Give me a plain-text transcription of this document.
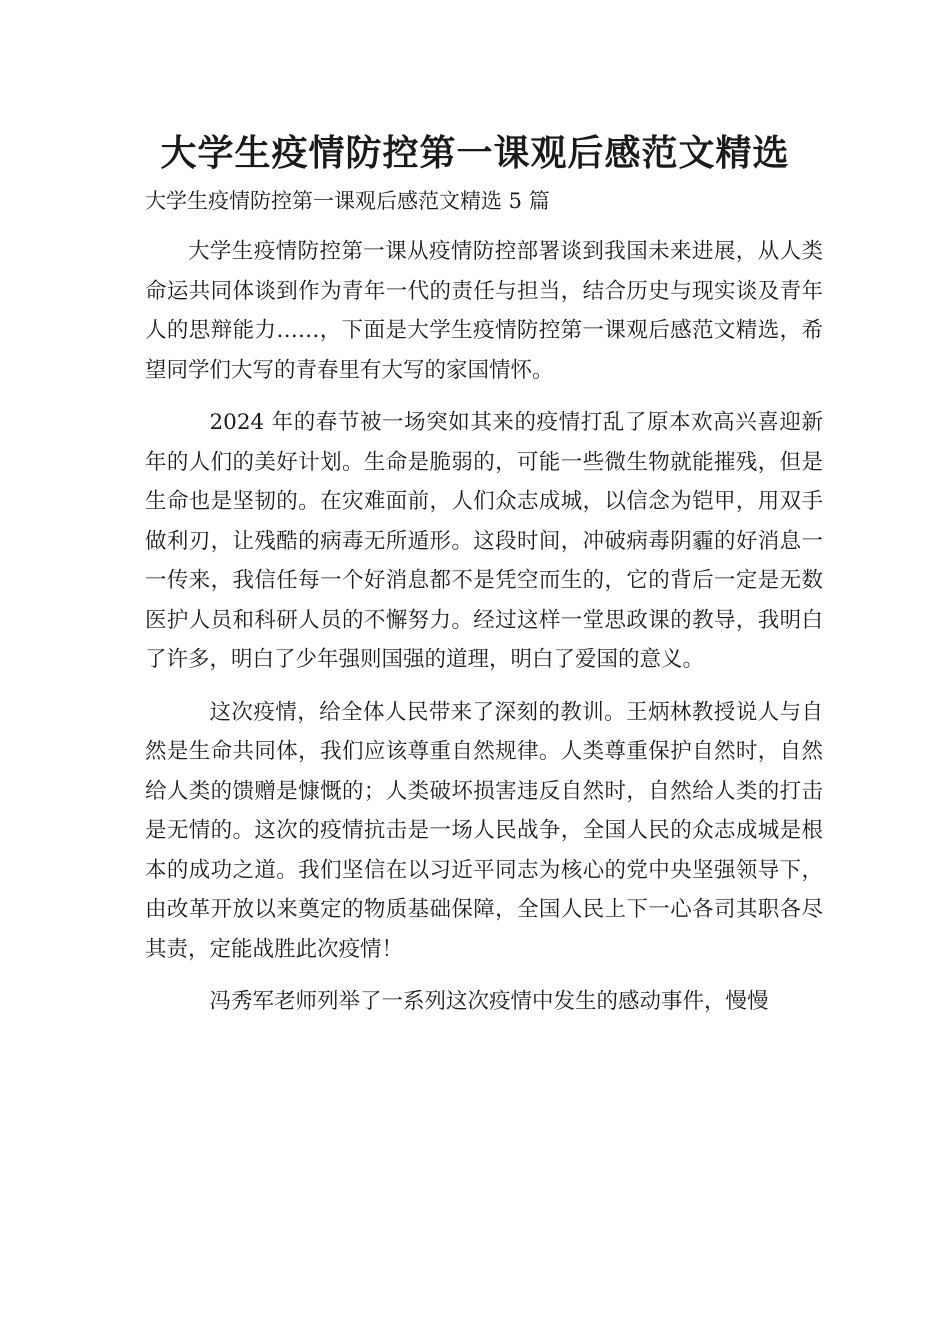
大学生疫情防控第一课观后感范文精选

大学生疫情防控第一课观后感范文精选 5 篇

大学生疫情防控第一课从疫情防控部署谈到我国未来进展，从人类命运共同体谈到作为青年一代的责任与担当，结合历史与现实谈及青年人的思辩能力……，下面是大学生疫情防控第一课观后感范文精选，希望同学们大写的青春里有大写的家国情怀。

2024 年的春节被一场突如其来的疫情打乱了原本欢高兴喜迎新年的人们的美好计划。生命是脆弱的，可能一些微生物就能摧残，但是生命也是坚韧的。在灾难面前，人们众志成城，以信念为铠甲，用双手做利刃，让残酷的病毒无所遁形。这段时间，冲破病毒阴霾的好消息一一传来，我信任每一个好消息都不是凭空而生的，它的背后一定是无数医护人员和科研人员的不懈努力。经过这样一堂思政课的教导，我明白了许多，明白了少年强则国强的道理，明白了爱国的意义。

这次疫情，给全体人民带来了深刻的教训。王炳林教授说人与自然是生命共同体，我们应该尊重自然规律。人类尊重保护自然时，自然给人类的馈赠是慷慨的；人类破坏损害违反自然时，自然给人类的打击是无情的。这次的疫情抗击是一场人民战争，全国人民的众志成城是根本的成功之道。我们坚信在以习近平同志为核心的党中央坚强领导下，由改革开放以来奠定的物质基础保障，全国人民上下一心各司其职各尽其责，定能战胜此次疫情！

冯秀军老师列举了一系列这次疫情中发生的感动事件，慢慢
